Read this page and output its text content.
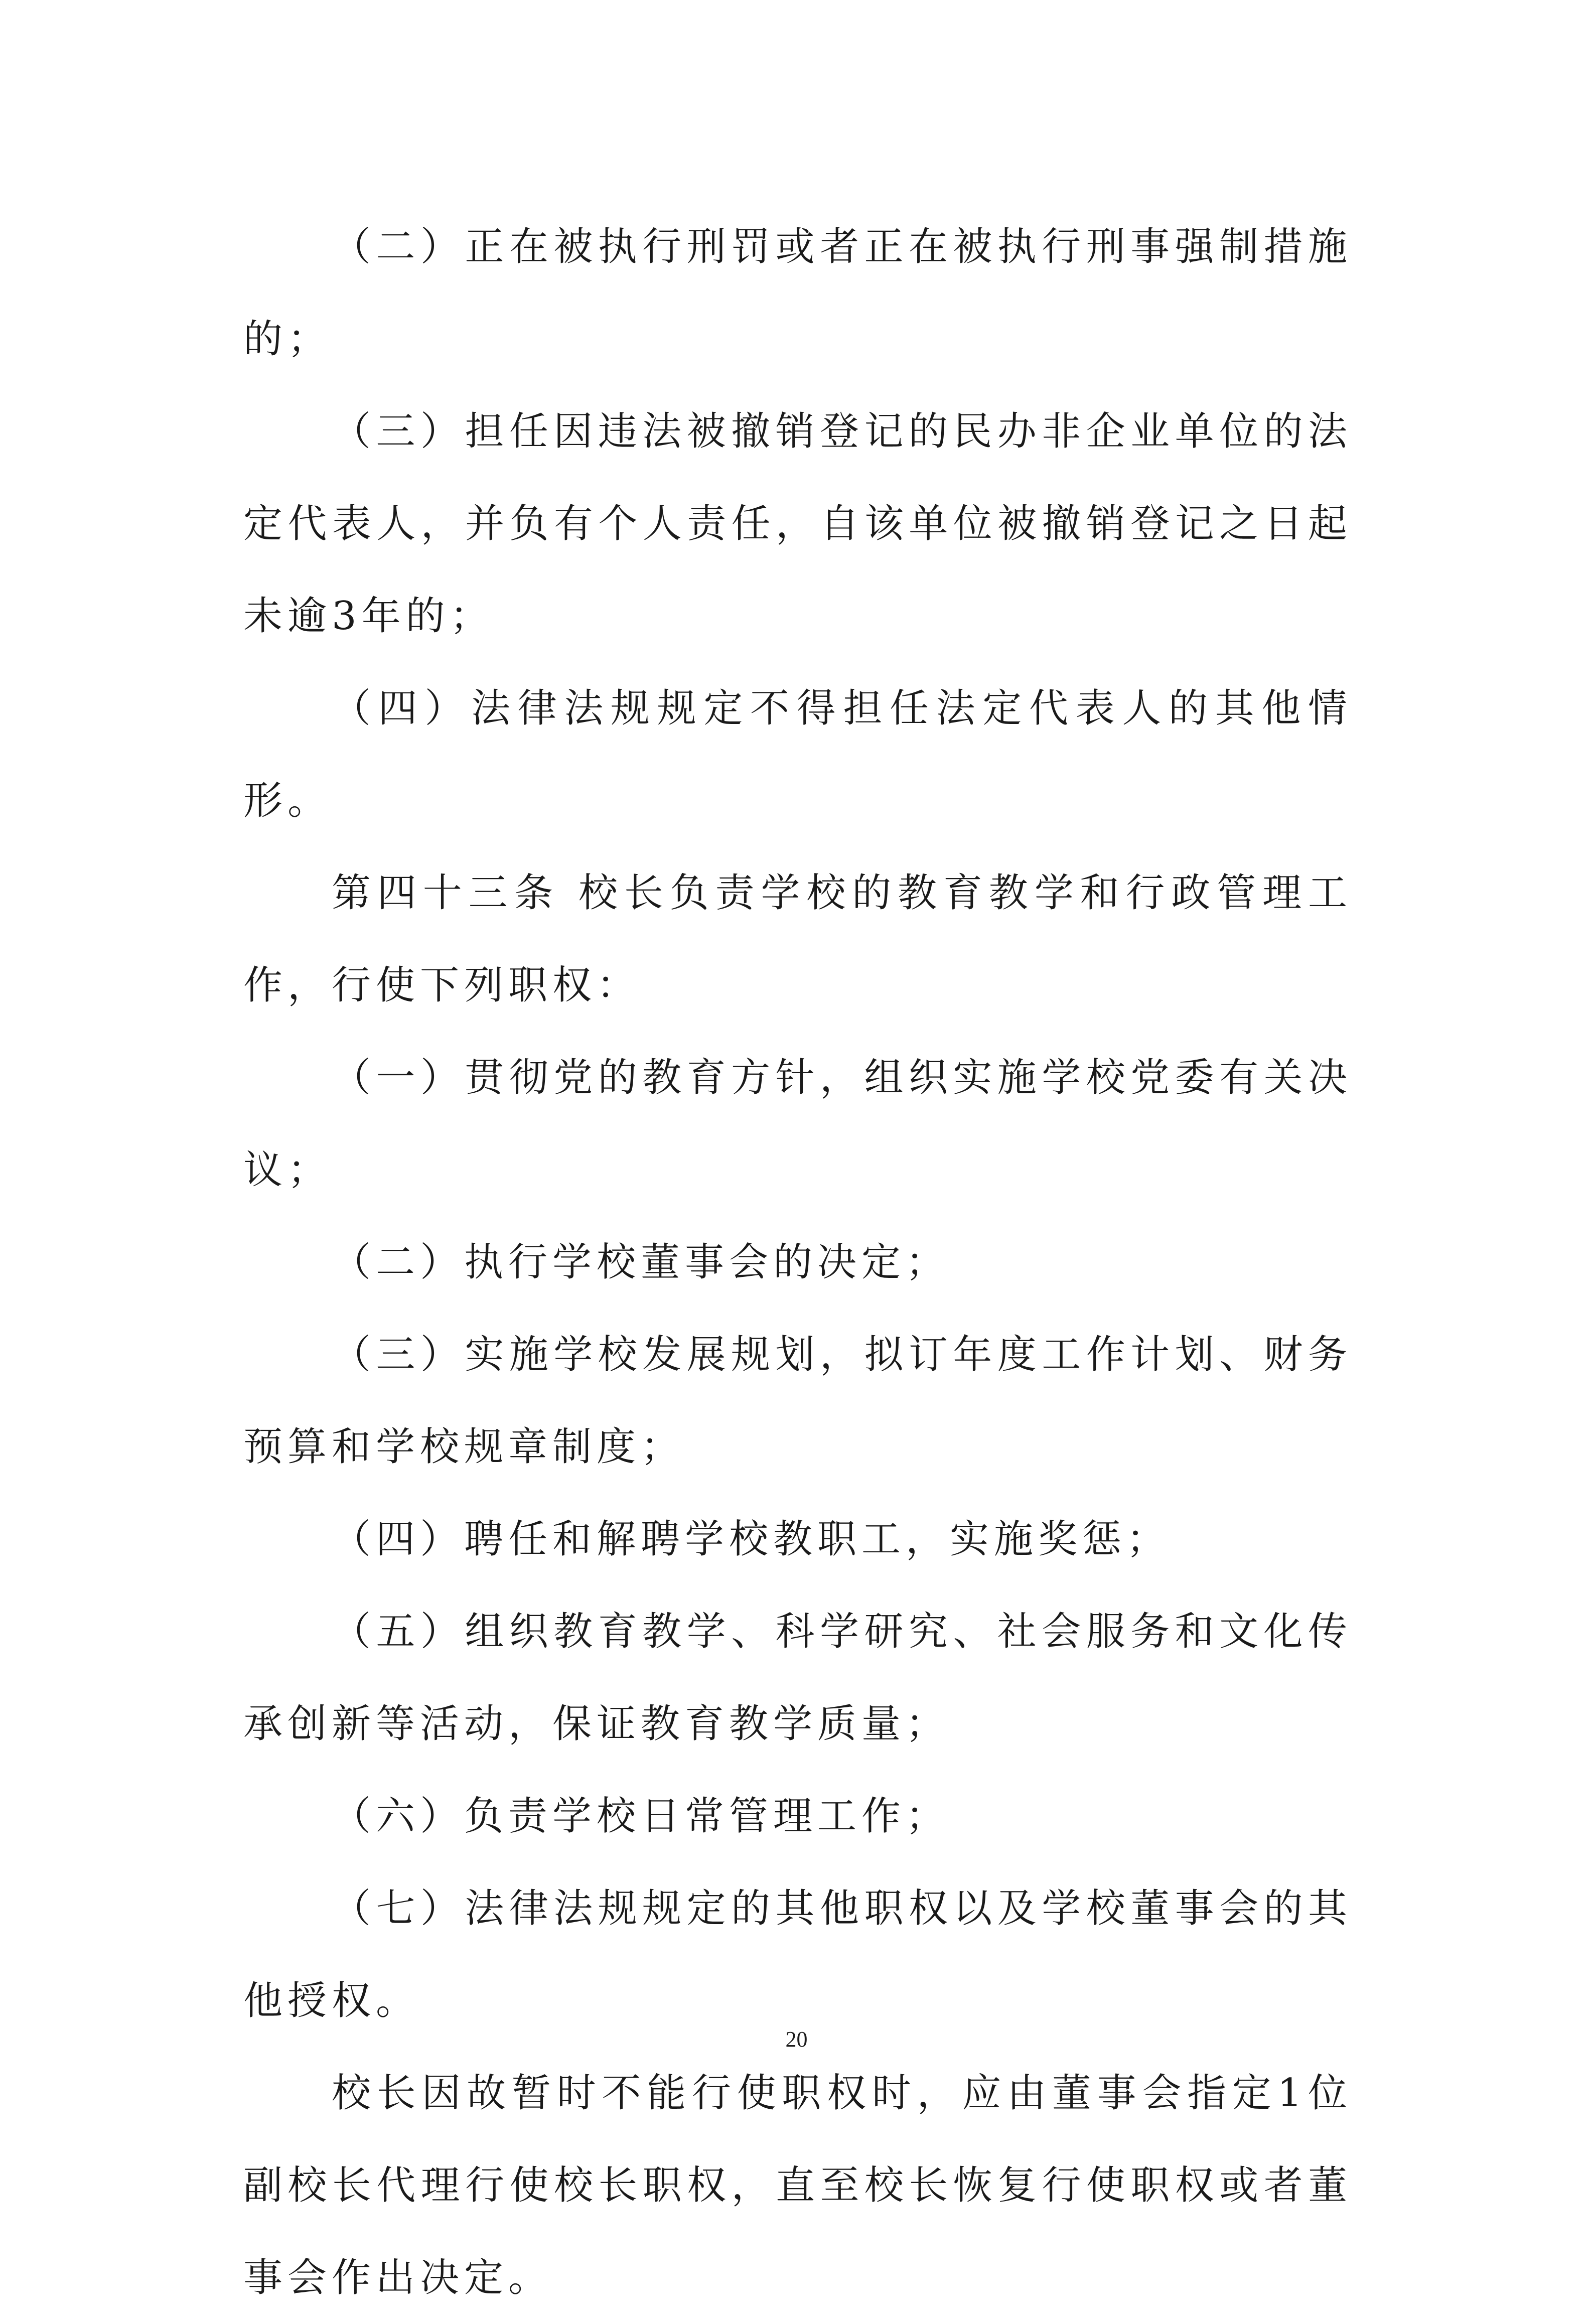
（二）正在被执行刑罚或者正在被执行刑事强制措施的；

（三）担任因违法被撤销登记的民办非企业单位的法定代表人，并负有个人责任，自该单位被撤销登记之日起未逾3年的；

（四）法律法规规定不得担任法定代表人的其他情形。

第四十三条 校长负责学校的教育教学和行政管理工作，行使下列职权：

（一）贯彻党的教育方针，组织实施学校党委有关决议；

（二）执行学校董事会的决定；

（三）实施学校发展规划，拟订年度工作计划、财务预算和学校规章制度；

（四）聘任和解聘学校教职工，实施奖惩；

（五）组织教育教学、科学研究、社会服务和文化传承创新等活动，保证教育教学质量；

（六）负责学校日常管理工作；

（七）法律法规规定的其他职权以及学校董事会的其他授权。

校长因故暂时不能行使职权时，应由董事会指定1位副校长代理行使校长职权，直至校长恢复行使职权或者董事会作出决定。

20
